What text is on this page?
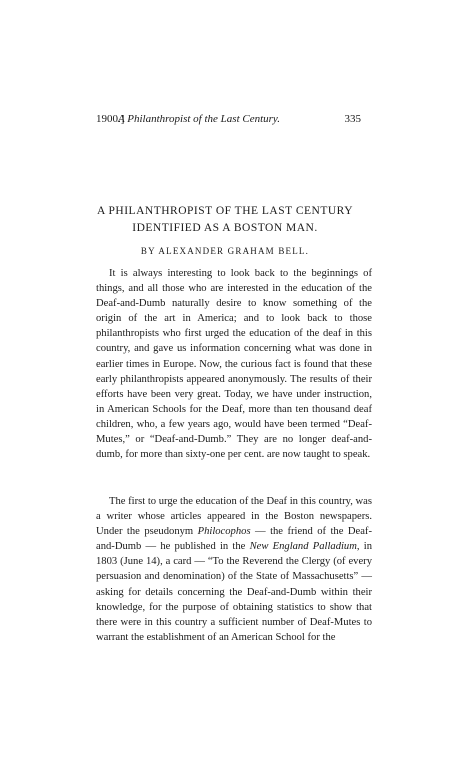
1900.]
A Philanthropist of the Last Century.	335
A PHILANTHROPIST OF THE LAST CENTURY
IDENTIFIED AS A BOSTON MAN.
BY ALEXANDER GRAHAM BELL.

It is always interesting to look back to the beginnings of things, and all those who are interested in the education of the Deaf-and-Dumb naturally desire to know something of the origin of the art in America; and to look back to those philanthropists who first urged the education of the deaf in this country, and gave us information concerning what was done in earlier times in Europe. Now, the curious fact is found that these early philanthropists appeared anonymously. The results of their efforts have been very great. Today, we have under instruction, in American Schools for the Deaf, more than ten thousand deaf children, who, a few years ago, would have been termed “Deaf-Mutes,” or “Deaf-and-Dumb.” They are no longer deaf-and-dumb, for more than sixty-one per cent. are now taught to speak.

The first to urge the education of the Deaf in this country, was a writer whose articles appeared in the Boston newspapers. Under the pseudonym Philocophos — the friend of the Deaf-and-Dumb — he published in the New England Palladium, in 1803 (June 14), a card — “To the Reverend the Clergy (of every persuasion and denomination) of the State of Massachusetts” — asking for details concerning the Deaf-and-Dumb within their knowledge, for the purpose of obtaining statistics to show that there were in this country a sufficient number of Deaf-Mutes to warrant the establishment of an American School for the
